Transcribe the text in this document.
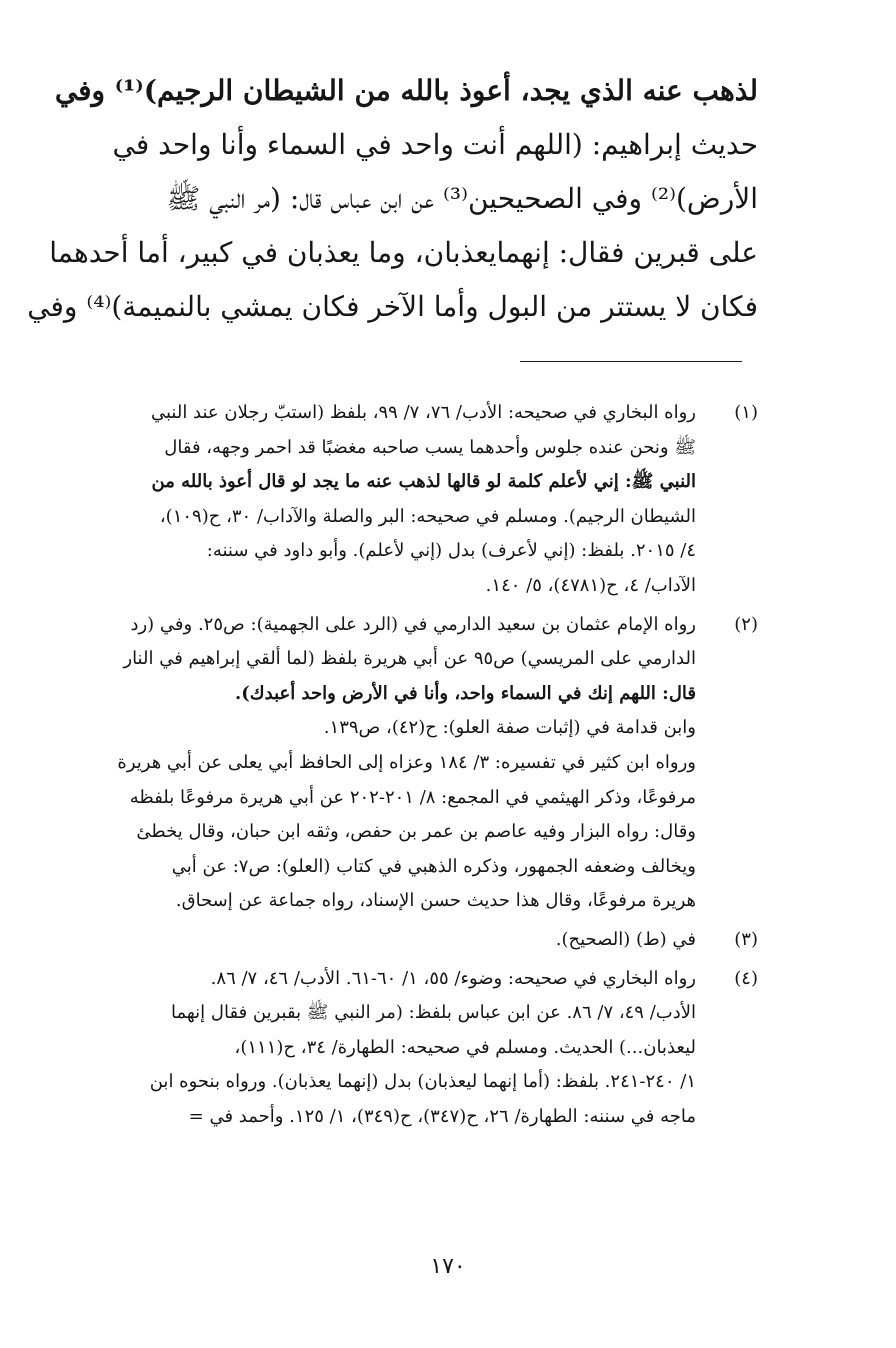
لذهب عنه الذي يجد، أعوذ بالله من الشيطان الرجيم)⁽¹⁾ وفي
حديث إبراهيم: (اللهم أنت واحد في السماء وأنا واحد في
الأرض)⁽²⁾ وفي الصحيحين⁽³⁾ عن ابن عباس قال: (مر النبي ﷺ
على قبرين فقال: إنهمايعذبان، وما يعذبان في كبير، أما أحدهما
فكان لا يستتر من البول وأما الآخر فكان يمشي بالنميمة)⁽⁴⁾ وفي
(١)
رواه البخاري في صحيحه: الأدب/ ٧٦، ٧/ ٩٩، بلفظ (استبّ رجلان عند النبي
ﷺ ونحن عنده جلوس وأحدهما يسب صاحبه مغضبًا قد احمر وجهه، فقال
النبي ﷺ: إني لأعلم كلمة لو قالها لذهب عنه ما يجد لو قال أعوذ بالله من
الشيطان الرجيم). ومسلم في صحيحه: البر والصلة والآداب/ ٣٠، ح(١٠٩)،
٤/ ٢٠١٥. بلفظ: (إني لأعرف) بدل (إني لأعلم). وأبو داود في سننه:
الآداب/ ٤، ح(٤٧٨١)، ٥/ ١٤٠.
(٢)
رواه الإمام عثمان بن سعيد الدارمي في (الرد على الجهمية): ص٢٥. وفي (رد
الدارمي على المريسي) ص٩٥ عن أبي هريرة بلفظ (لما ألقي إبراهيم في النار
قال: اللهم إنك في السماء واحد، وأنا في الأرض واحد أعبدك).
وابن قدامة في (إثبات صفة العلو): ح(٤٢)، ص١٣٩.
ورواه ابن كثير في تفسيره: ٣/ ١٨٤ وعزاه إلى الحافظ أبي يعلى عن أبي هريرة
مرفوعًا، وذكر الهيثمي في المجمع: ٨/ ٢٠١-٢٠٢ عن أبي هريرة مرفوعًا بلفظه
وقال: رواه البزار وفيه عاصم بن عمر بن حفص، وثقه ابن حبان، وقال يخطئ
ويخالف وضعفه الجمهور، وذكره الذهبي في كتاب (العلو): ص٧: عن أبي
هريرة مرفوعًا، وقال هذا حديث حسن الإسناد، رواه جماعة عن إسحاق.
(٣)
في (ط) (الصحيح).
(٤)
رواه البخاري في صحيحه: وضوء/ ٥٥، ١/ ٦٠-٦١. الأدب/ ٤٦، ٧/ ٨٦.
الأدب/ ٤٩، ٧/ ٨٦. عن ابن عباس بلفظ: (مر النبي ﷺ بقبرين فقال إنهما
ليعذبان...) الحديث. ومسلم في صحيحه: الطهارة/ ٣٤، ح(١١١)،
١/ ٢٤٠-٢٤١. بلفظ: (أما إنهما ليعذبان) بدل (إنهما يعذبان). ورواه بنحوه ابن
ماجه في سننه: الطهارة/ ٢٦، ح(٣٤٧)، ح(٣٤٩)، ١/ ١٢٥. وأحمد في =
١٧٠
